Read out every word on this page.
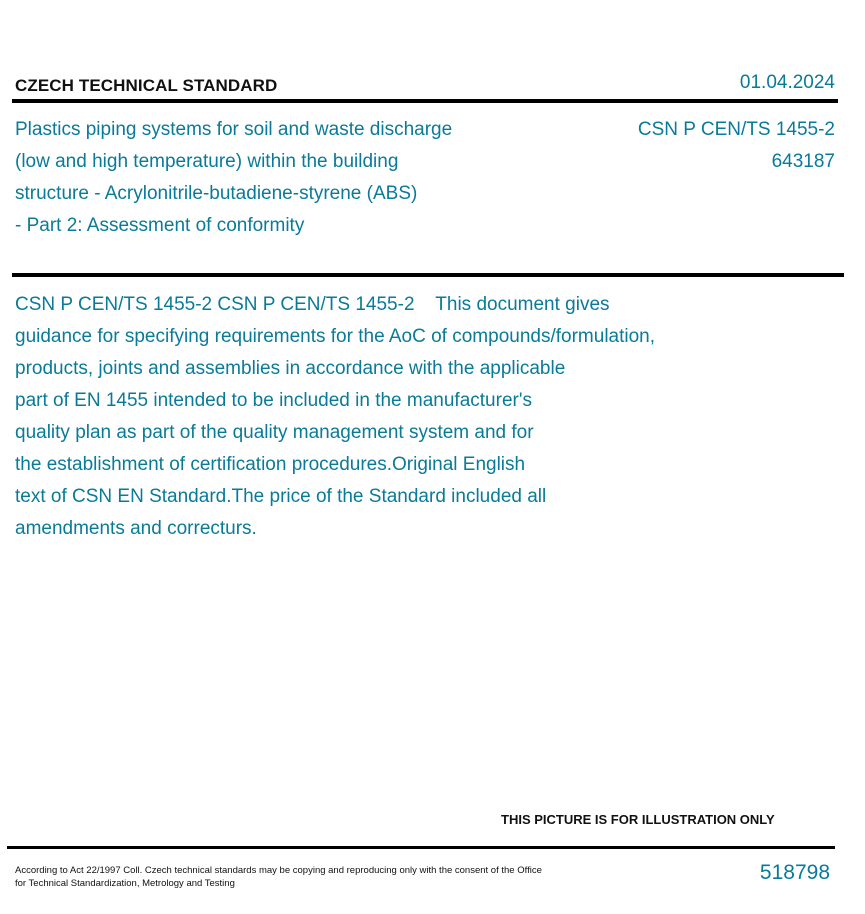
CZECH TECHNICAL STANDARD	01.04.2024
Plastics piping systems for soil and waste discharge
(low and high temperature) within the building
structure - Acrylonitrile-butadiene-styrene (ABS)
- Part 2: Assessment of conformity
CSN P CEN/TS 1455-2
643187
CSN P CEN/TS 1455-2 CSN P CEN/TS 1455-2    This document gives
guidance for specifying requirements for the AoC of compounds/formulation,
products, joints and assemblies in accordance with the applicable
part of EN 1455 intended to be included in the manufacturer's
quality plan as part of the quality management system and for
the establishment of certification procedures.Original English
text of CSN EN Standard.The price of the Standard included all
amendments and correcturs.
THIS PICTURE IS FOR ILLUSTRATION ONLY
According to Act 22/1997 Coll. Czech technical standards may be copying and reproducing only with the consent of the Office
for Technical Standardization, Metrology and Testing	518798
